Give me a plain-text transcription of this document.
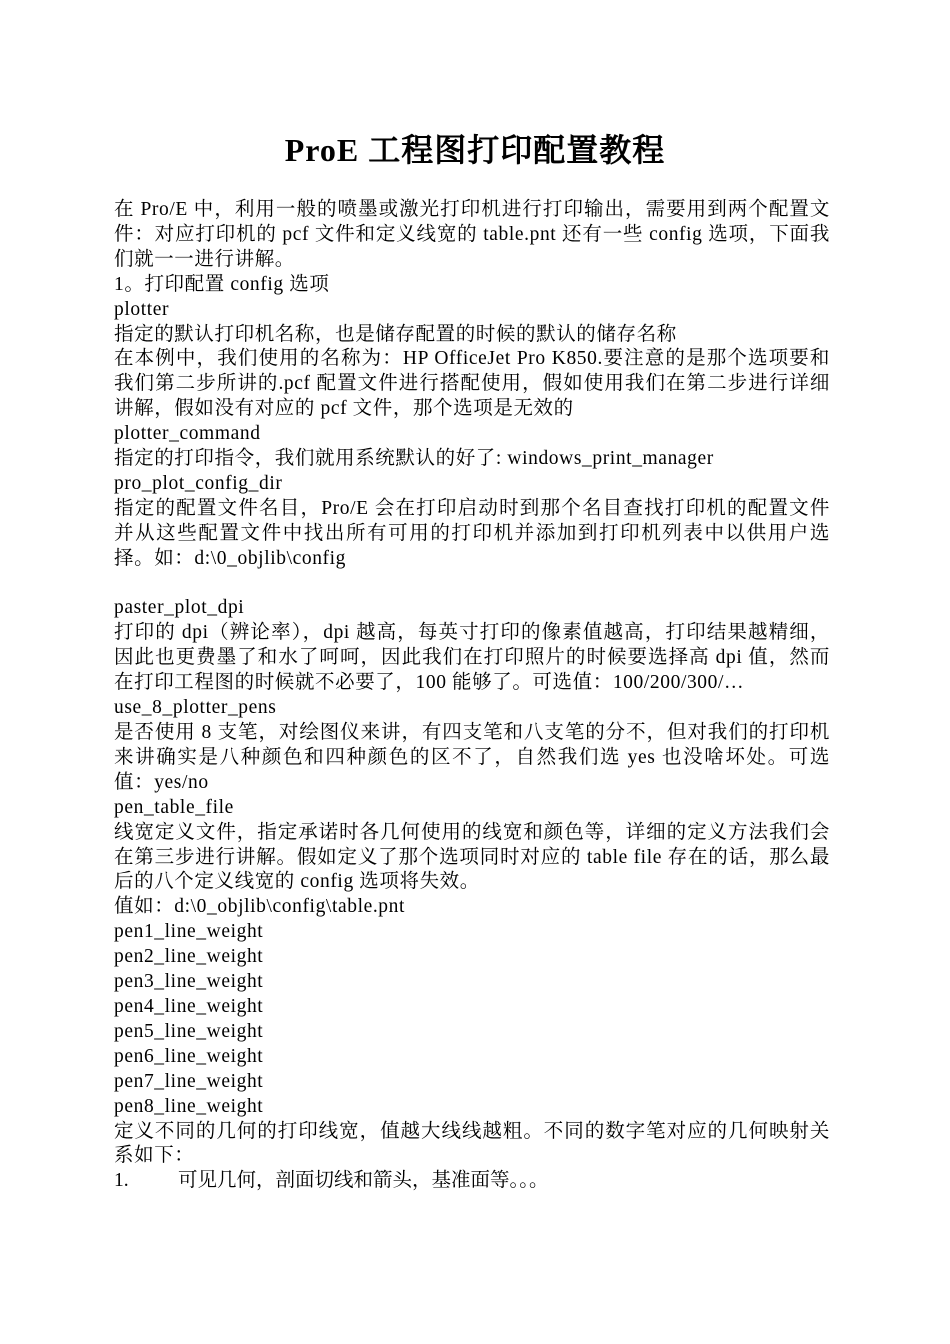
ProE 工程图打印配置教程

在 Pro/E 中，利用一般的喷墨或激光打印机进行打印输出，需要用到两个配置文件：对应打印机的 pcf 文件和定义线宽的 table.pnt 还有一些 config 选项，下面我们就一一进行讲解。

1。打印配置 config 选项

plotter

指定的默认打印机名称，也是储存配置的时候的默认的储存名称

在本例中，我们使用的名称为：HP OfficeJet Pro K850.要注意的是那个选项要和我们第二步所讲的.pcf 配置文件进行搭配使用，假如使用我们在第二步进行详细讲解，假如没有对应的 pcf 文件，那个选项是无效的

plotter_command

指定的打印指令，我们就用系统默认的好了: windows_print_manager

pro_plot_config_dir

指定的配置文件名目，Pro/E 会在打印启动时到那个名目查找打印机的配置文件并从这些配置文件中找出所有可用的打印机并添加到打印机列表中以供用户选择。如：d:\0_objlib\config

paster_plot_dpi

打印的 dpi（辨论率），dpi 越高，每英寸打印的像素值越高，打印结果越精细，因此也更费墨了和水了呵呵，因此我们在打印照片的时候要选择高 dpi 值，然而在打印工程图的时候就不必要了，100 能够了。可选值：100/200/300/…

use_8_plotter_pens

是否使用 8 支笔，对绘图仪来讲，有四支笔和八支笔的分不，但对我们的打印机来讲确实是八种颜色和四种颜色的区不了，自然我们选 yes 也没啥坏处。可选值：yes/no

pen_table_file

线宽定义文件，指定承诺时各几何使用的线宽和颜色等，详细的定义方法我们会在第三步进行讲解。假如定义了那个选项同时对应的 table file 存在的话，那么最后的八个定义线宽的 config 选项将失效。

值如：d:\0_objlib\config\table.pnt

pen1_line_weight

pen2_line_weight

pen3_line_weight

pen4_line_weight

pen5_line_weight

pen6_line_weight

pen7_line_weight

pen8_line_weight

定义不同的几何的打印线宽，值越大线线越粗。不同的数字笔对应的几何映射关系如下：

1.	可见几何，剖面切线和箭头，基准面等。。。
